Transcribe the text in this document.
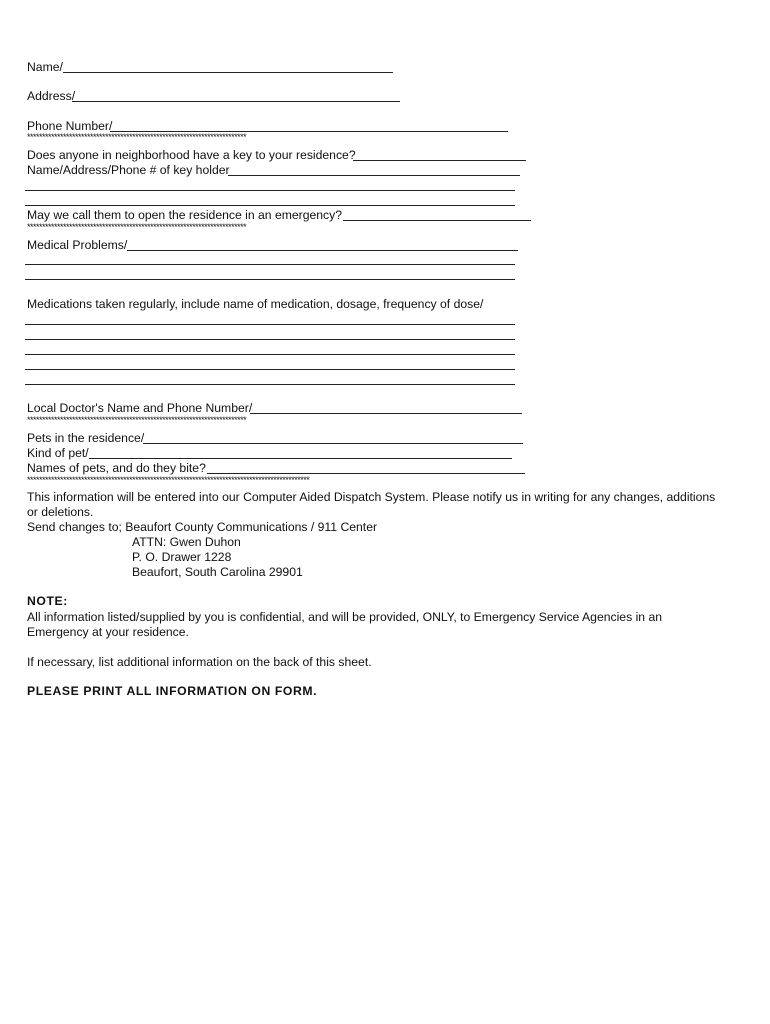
Name/
Address/
Phone Number/
*************************************************************************
Does anyone in neighborhood have a key to your residence?
Name/Address/Phone # of key holder
May we call them to open the residence in an emergency?
*************************************************************************
Medical Problems/
Medications taken regularly, include name of medication, dosage, frequency of dose/
Local Doctor's Name and Phone Number/
*************************************************************************
Pets in the residence/
Kind of pet/
Names of pets, and do they bite?
**********************************************************************************************
This information will be entered into our Computer Aided Dispatch System. Please notify us in writing for any changes, additions
or deletions.
Send changes to; Beaufort County Communications / 911 Center
ATTN: Gwen Duhon
P. O. Drawer 1228
Beaufort, South Carolina 29901
NOTE:
All information listed/supplied by you is confidential, and will be provided, ONLY, to Emergency Service Agencies in an
Emergency at your residence.
If necessary, list additional information on the back of this sheet.
PLEASE PRINT ALL INFORMATION ON FORM.
